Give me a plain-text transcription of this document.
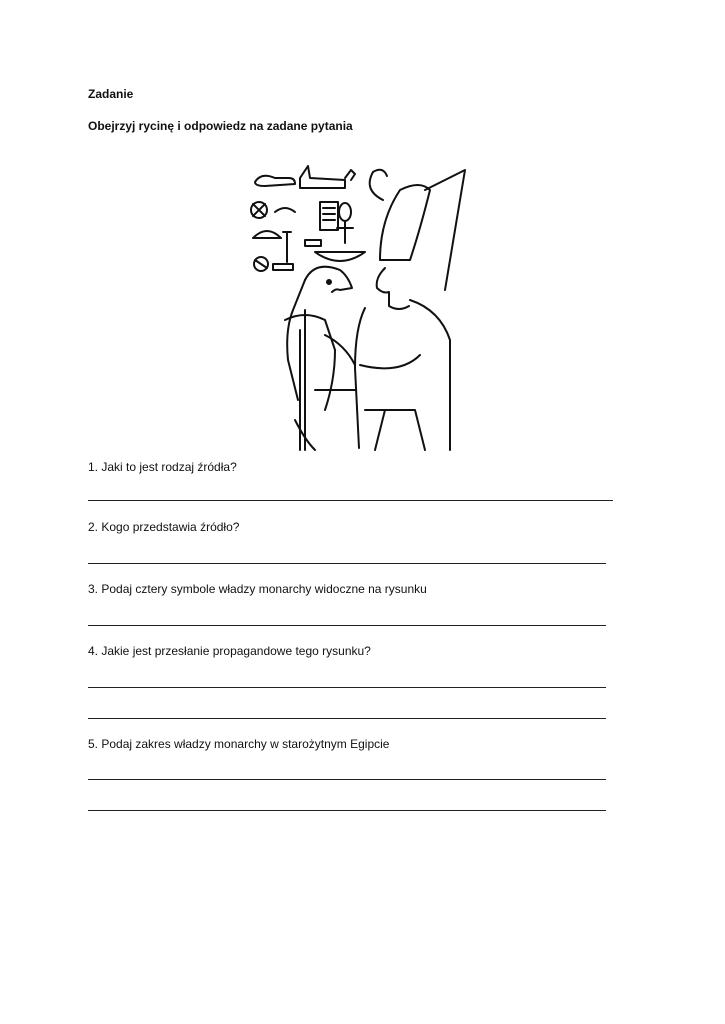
Zadanie
Obejrzyj rycinę i odpowiedz na zadane pytania
1. Jaki to jest rodzaj źródła?
2. Kogo przedstawia źródło?
3. Podaj cztery symbole władzy monarchy widoczne na rysunku
4. Jakie jest przesłanie propagandowe tego rysunku?
5. Podaj zakres władzy monarchy w starożytnym Egipcie
